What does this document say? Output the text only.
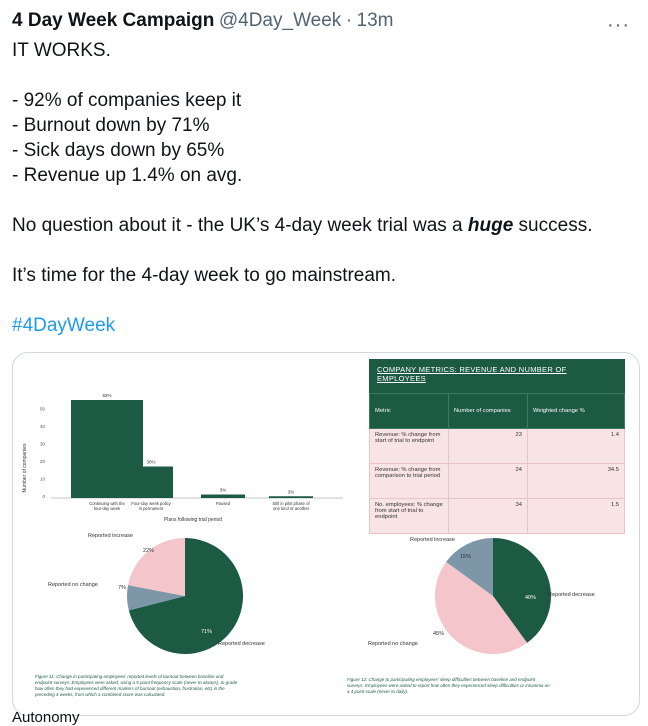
4 Day Week Campaign @4Day_Week · 13m	···

IT WORKS.

- 92% of companies keep it

- Burnout down by 71%

- Sick days down by 65%

- Revenue up 1.4% on avg.

No question about it - the UK’s 4-day week trial was a huge success.

It’s time for the 4-day week to go mainstream.

#4DayWeek

Number of companies
0
10
20
30
40
50
92%
Continuing with the
four-day week
30%
Four-day week policy
is permanent
3%
Paused
3%
Still in pilot phase of
one kind or another
Plans following trial period
COMPANY METRICS: REVENUE AND NUMBER OF
EMPLOYEES
Metric	Number of companies	Weighted change %
Revenue: % change from start of trial to endpoint	23	1.4
Revenue: % change from comparison to trial period	24	34.5
No. employees: % change from start of trial to endpoint	34	1.5
Reported increase
Reported no change
Reported decrease
22%
7%
71%
Figure 11: Change in participating employees' reported levels of burnout between baseline and
endpoint surveys. Employees were asked, using a 5 point frequency scale (never to always), to grade
how often they had experienced different markers of burnout (exhaustion, frustration, etc) in the
preceding 4 weeks, from which a combined score was calculated.
Reported increase
Reported decrease
Reported no change
15%
40%
45%
Figure 12: Change to participating employees' sleep difficulties between baseline and endpoint
surveys. Employees were asked to report how often they experienced sleep difficulties or insomnia on
a 4 point scale (never to daily).
Autonomy
